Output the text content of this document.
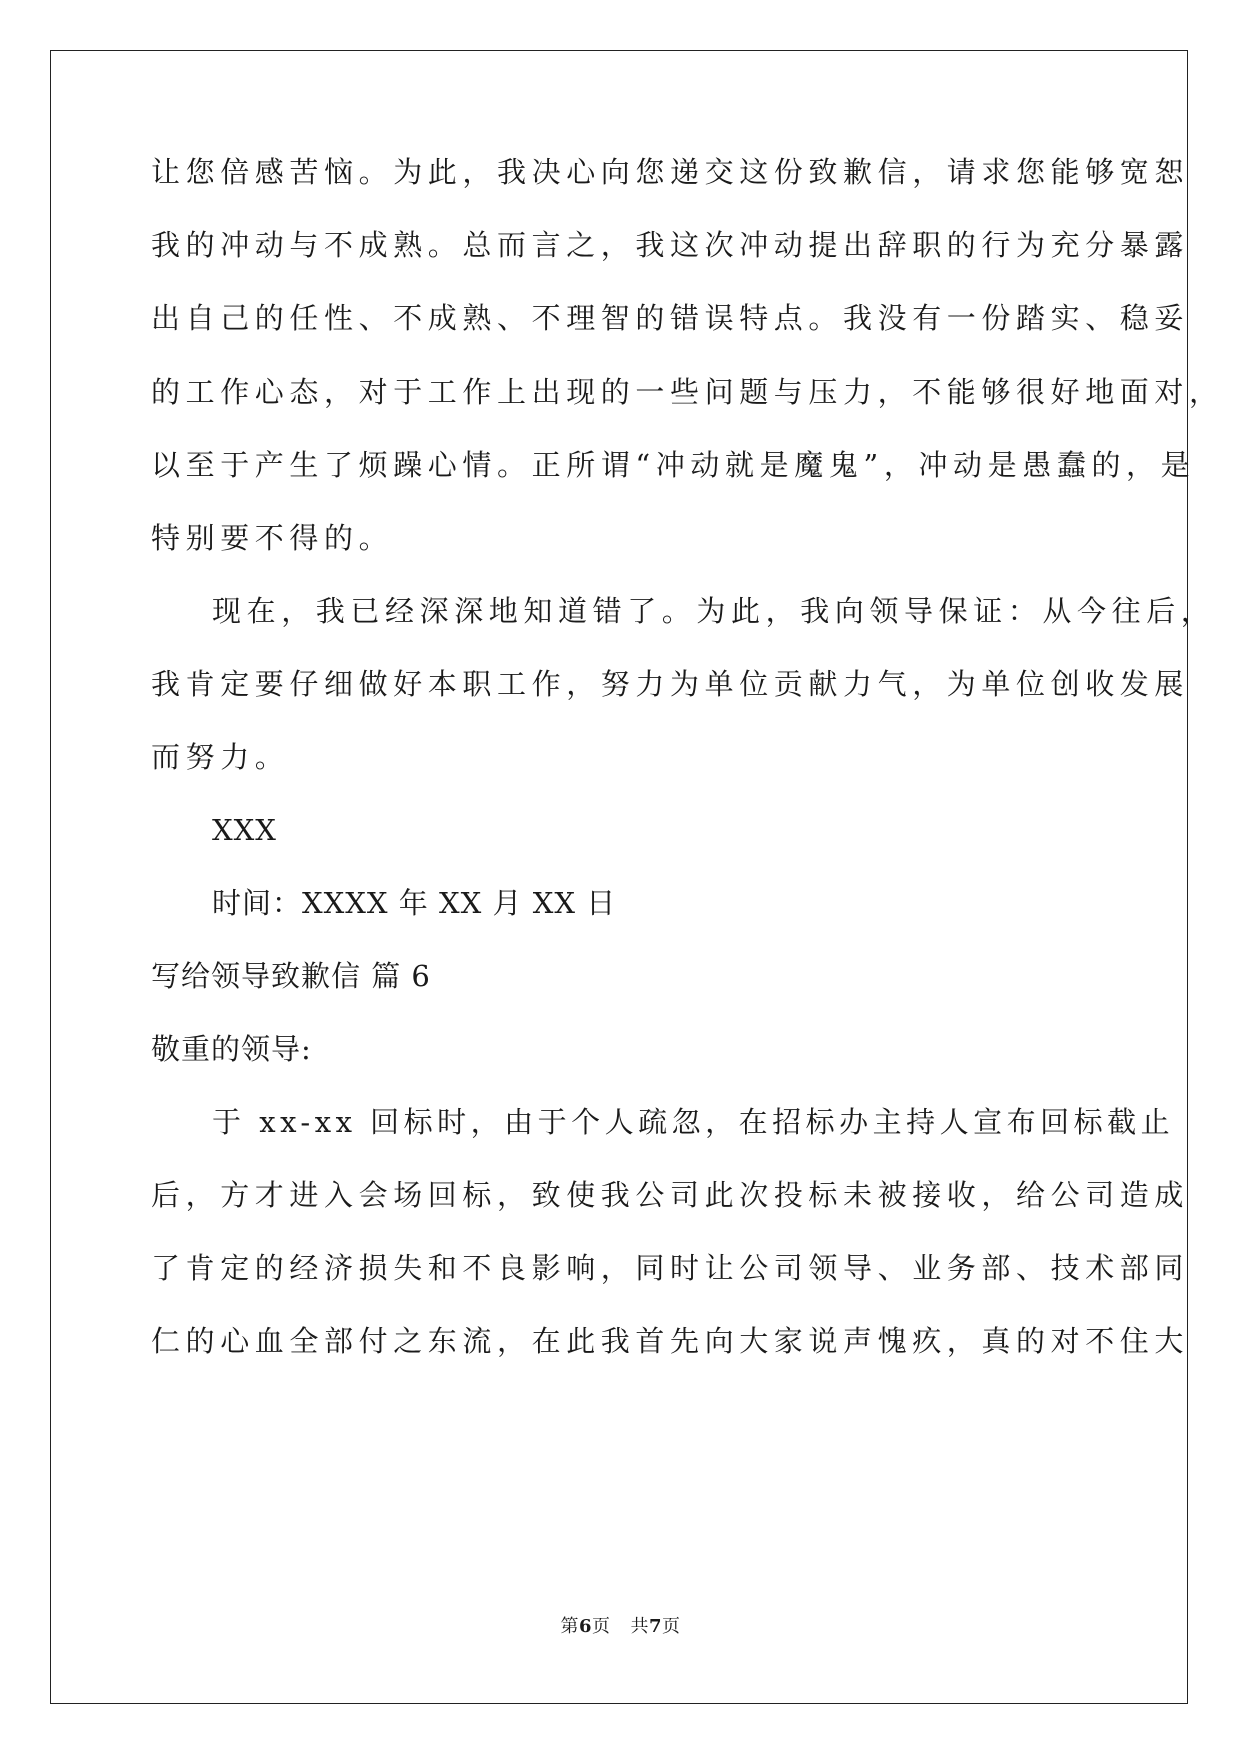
让您倍感苦恼。为此，我决心向您递交这份致歉信，请求您能够宽恕
我的冲动与不成熟。总而言之，我这次冲动提出辞职的行为充分暴露
出自己的任性、不成熟、不理智的错误特点。我没有一份踏实、稳妥
的工作心态，对于工作上出现的一些问题与压力，不能够很好地面对，
以至于产生了烦躁心情。正所谓“冲动就是魔鬼”，冲动是愚蠢的，是
特别要不得的。
现在，我已经深深地知道错了。为此，我向领导保证：从今往后，
我肯定要仔细做好本职工作，努力为单位贡献力气，为单位创收发展
而努力。
XXX
时间：XXXX 年 XX 月 XX 日
写给领导致歉信 篇 6
敬重的领导:
于 xx-xx 回标时，由于个人疏忽，在招标办主持人宣布回标截止
后，方才进入会场回标，致使我公司此次投标未被接收，给公司造成
了肯定的经济损失和不良影响，同时让公司领导、业务部、技术部同
仁的心血全部付之东流，在此我首先向大家说声愧疚，真的对不住大
第6页 共7页
